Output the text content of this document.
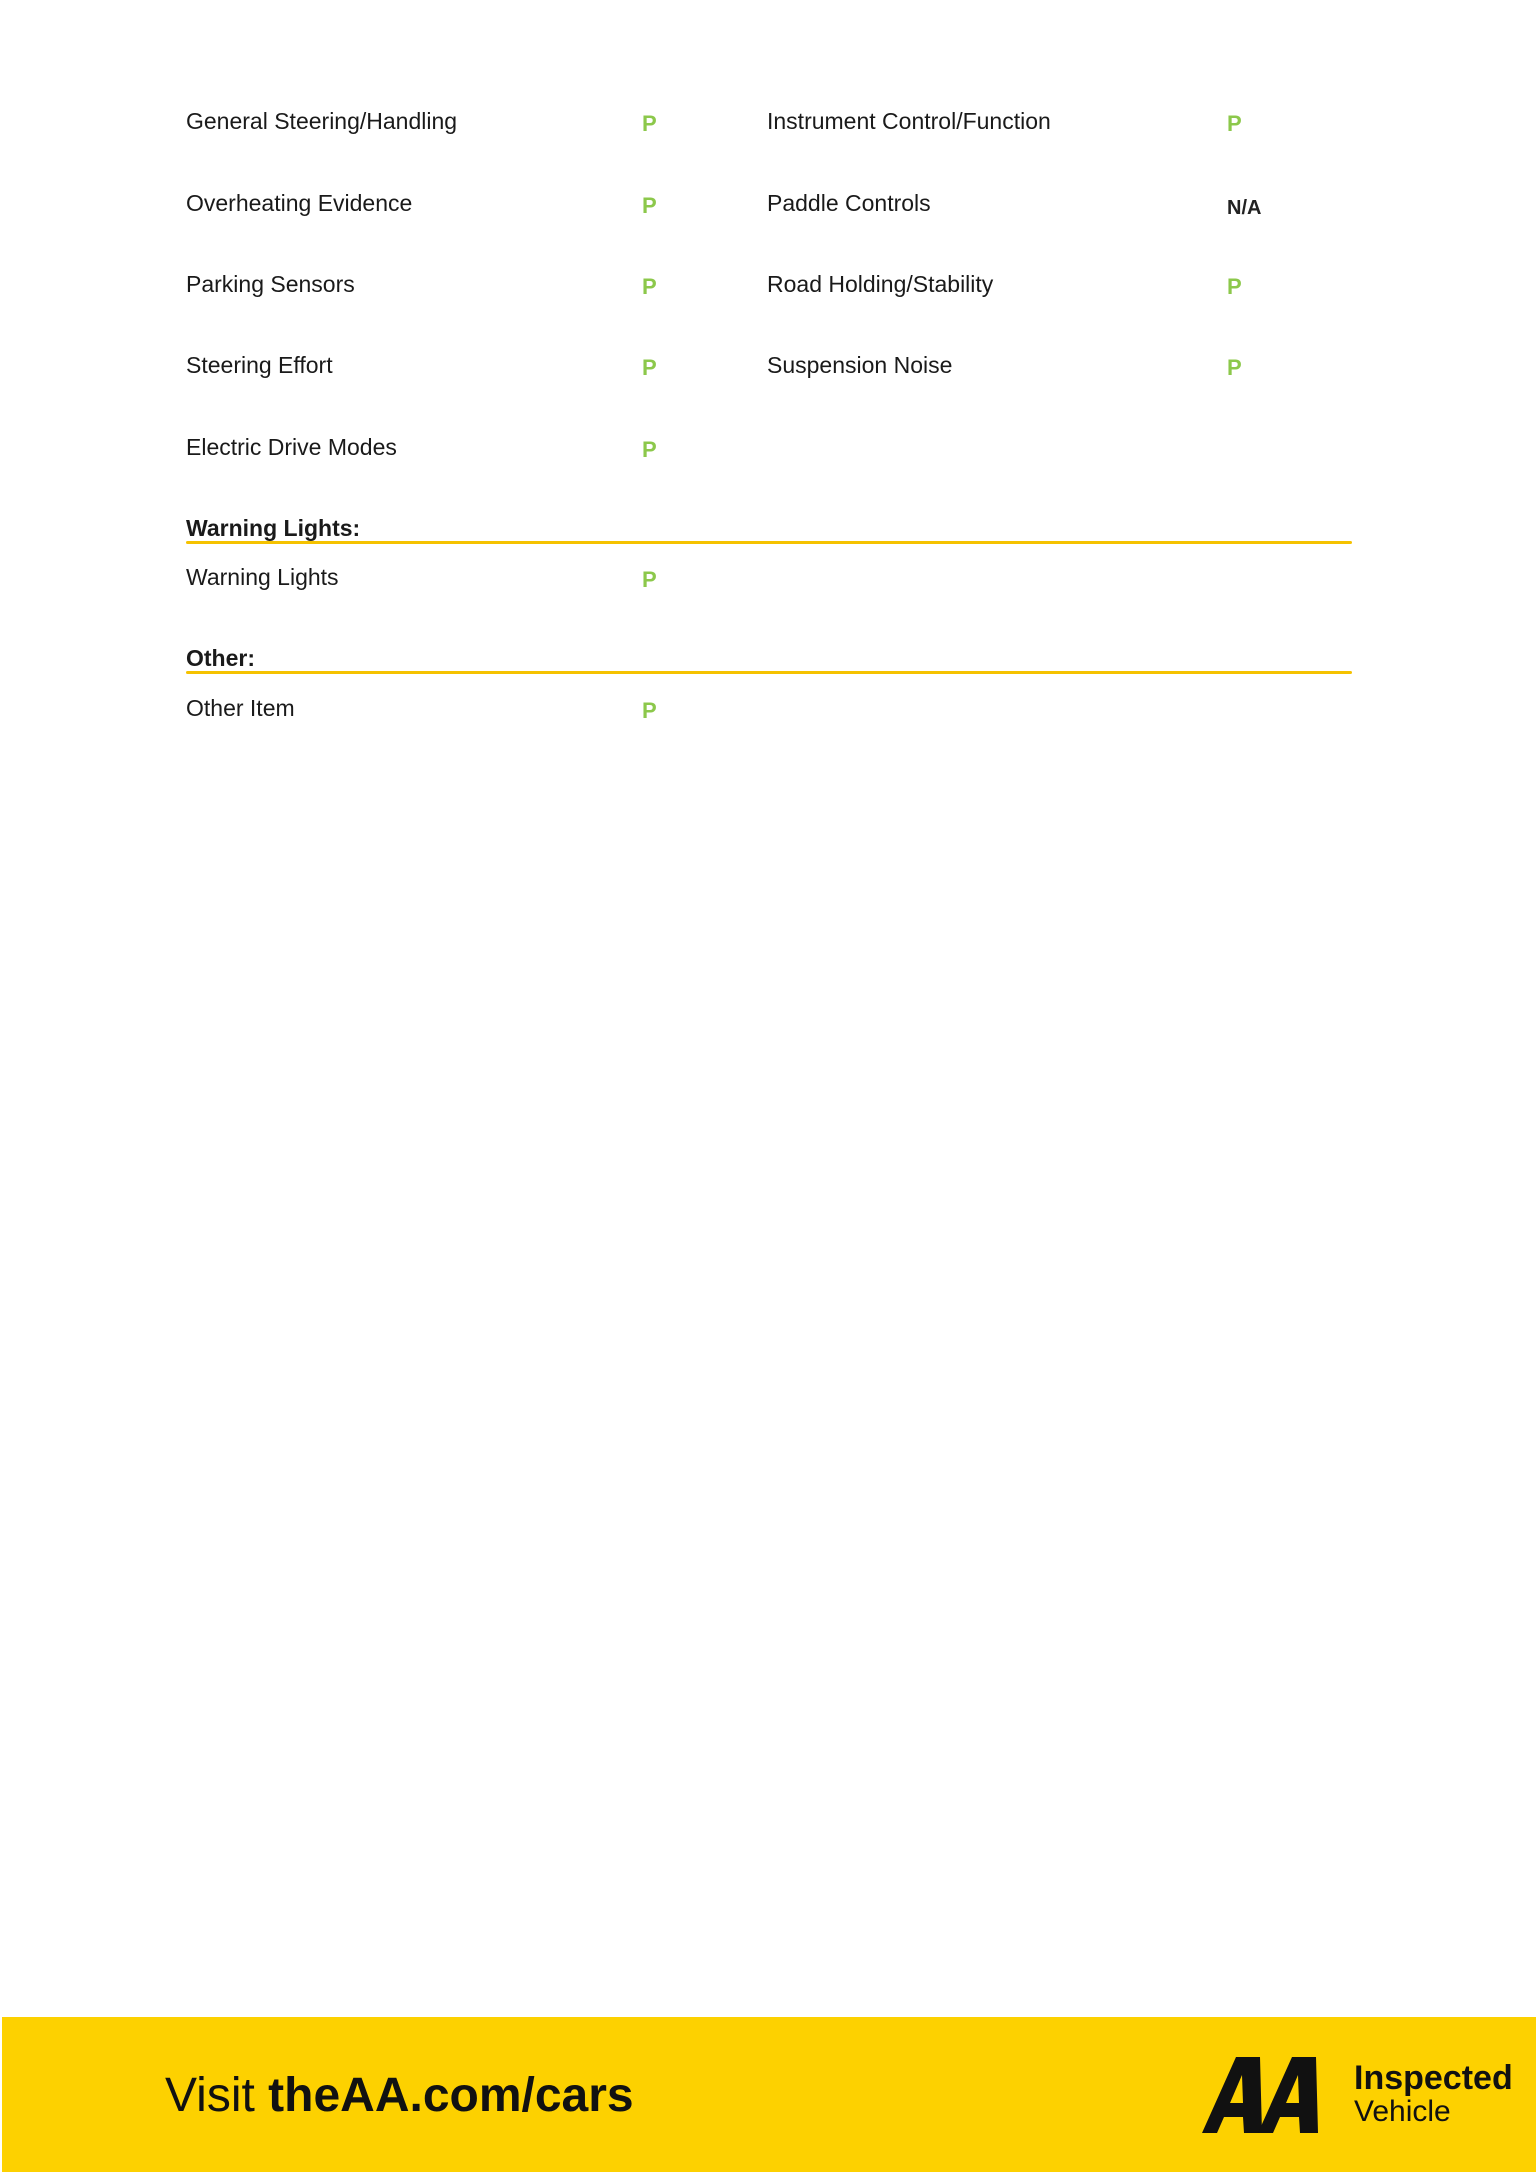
General Steering/Handling	P	Instrument Control/Function	P
Overheating Evidence	P	Paddle Controls	N/A
Parking Sensors	P	Road Holding/Stability	P
Steering Effort	P	Suspension Noise	P
Electric Drive Modes	P
Warning Lights:
Warning Lights	P
Other:
Other Item	P
Visit theAA.com/cars	Inspected
Vehicle
